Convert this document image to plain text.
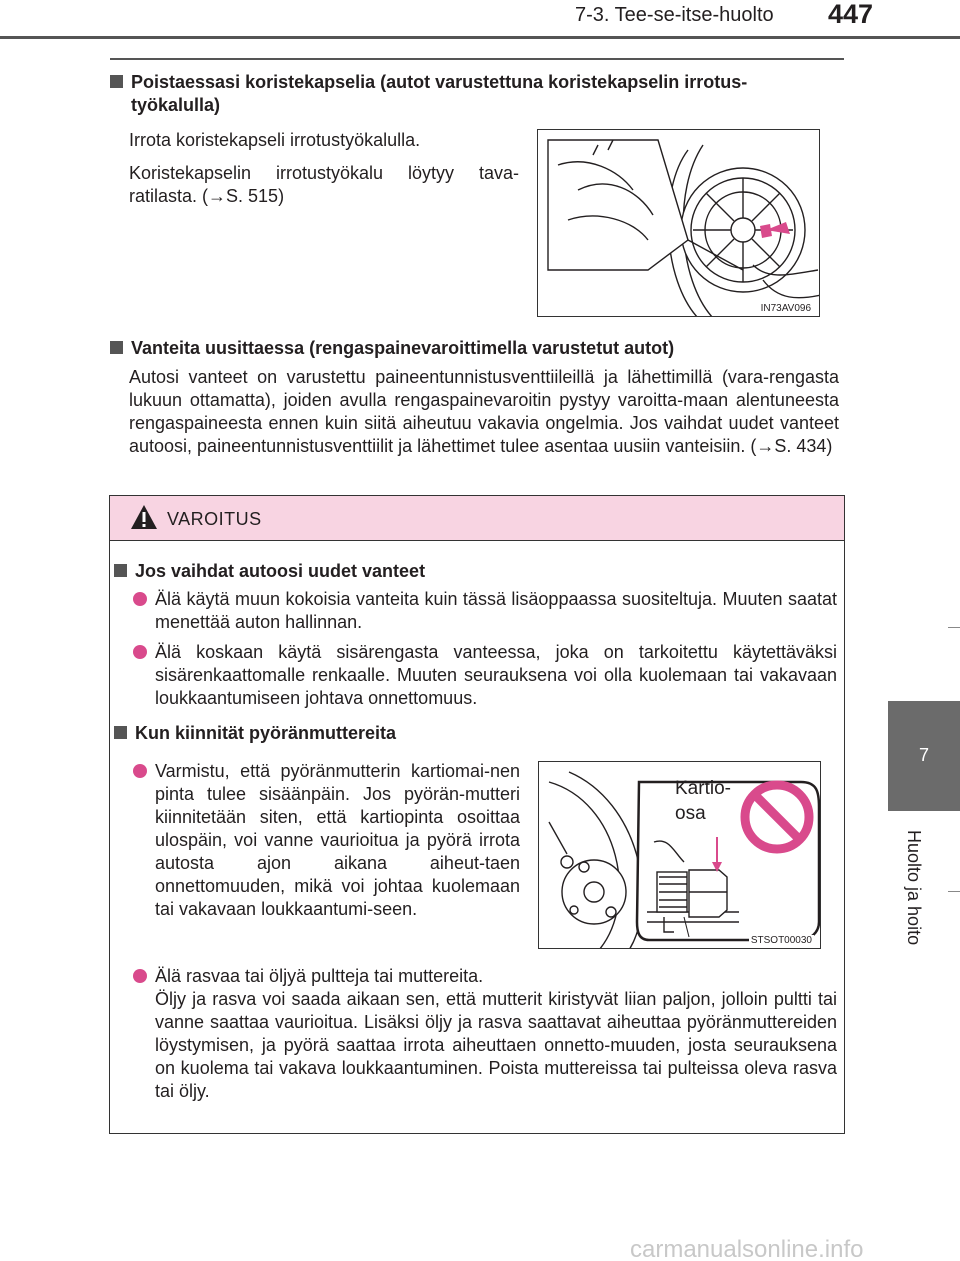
7-3. Tee-se-itse-huolto 447
7
Huolto ja hoito
Poistaessasi koristekapselia (autot varustettuna koristekapselin irrotus-
työkalulla)
Irrota koristekapseli irrotustyökalulla.
Koristekapselin irrotustyökalu löytyy tava-
ratilasta. (→S. 515)
IN73AV096
Vanteita uusittaessa (rengaspainevaroittimella varustetut autot)
Autosi vanteet on varustettu paineentunnistusventtiileillä ja lähettimillä (vara-rengasta lukuun ottamatta), joiden avulla rengaspainevaroitin pystyy varoitta-maan alentuneesta rengaspaineesta ennen kuin siitä aiheutuu vakavia ongelmia. Jos vaihdat uudet vanteet autoosi, paineentunnistusventtiilit ja lähettimet tulee asentaa uusiin vanteisiin. (→S. 434)
VAROITUS
Jos vaihdat autoosi uudet vanteet
Älä käytä muun kokoisia vanteita kuin tässä lisäoppaassa suositeltuja. Muuten saatat menettää auton hallinnan.
Älä koskaan käytä sisärengasta vanteessa, joka on tarkoitettu käytettäväksi sisärenkaattomalle renkaalle. Muuten seurauksena voi olla kuolemaan tai vakavaan loukkaantumiseen johtava onnettomuus.
Kun kiinnität pyöränmuttereita
Varmistu, että pyöränmutterin kartiomai-nen pinta tulee sisäänpäin. Jos pyörän-mutteri kiinnitetään siten, että kartiopinta osoittaa ulospäin, voi vanne vaurioitua ja pyörä irrota autosta ajon aikana aiheut-taen onnettomuuden, mikä voi johtaa kuolemaan tai vakavaan loukkaantumi-seen.
Kartio-
osa
STSOT00030
Älä rasvaa tai öljyä pultteja tai muttereita.
Öljy ja rasva voi saada aikaan sen, että mutterit kiristyvät liian paljon, jolloin pultti tai vanne saattaa vaurioitua. Lisäksi öljy ja rasva saattavat aiheuttaa pyöränmuttereiden löystymisen, ja pyörä saattaa irrota aiheuttaen onnetto-muuden, josta seurauksena on kuolema tai vakava loukkaantuminen. Poista muttereissa tai pulteissa oleva rasva tai öljy.
carmanualsonline.info
